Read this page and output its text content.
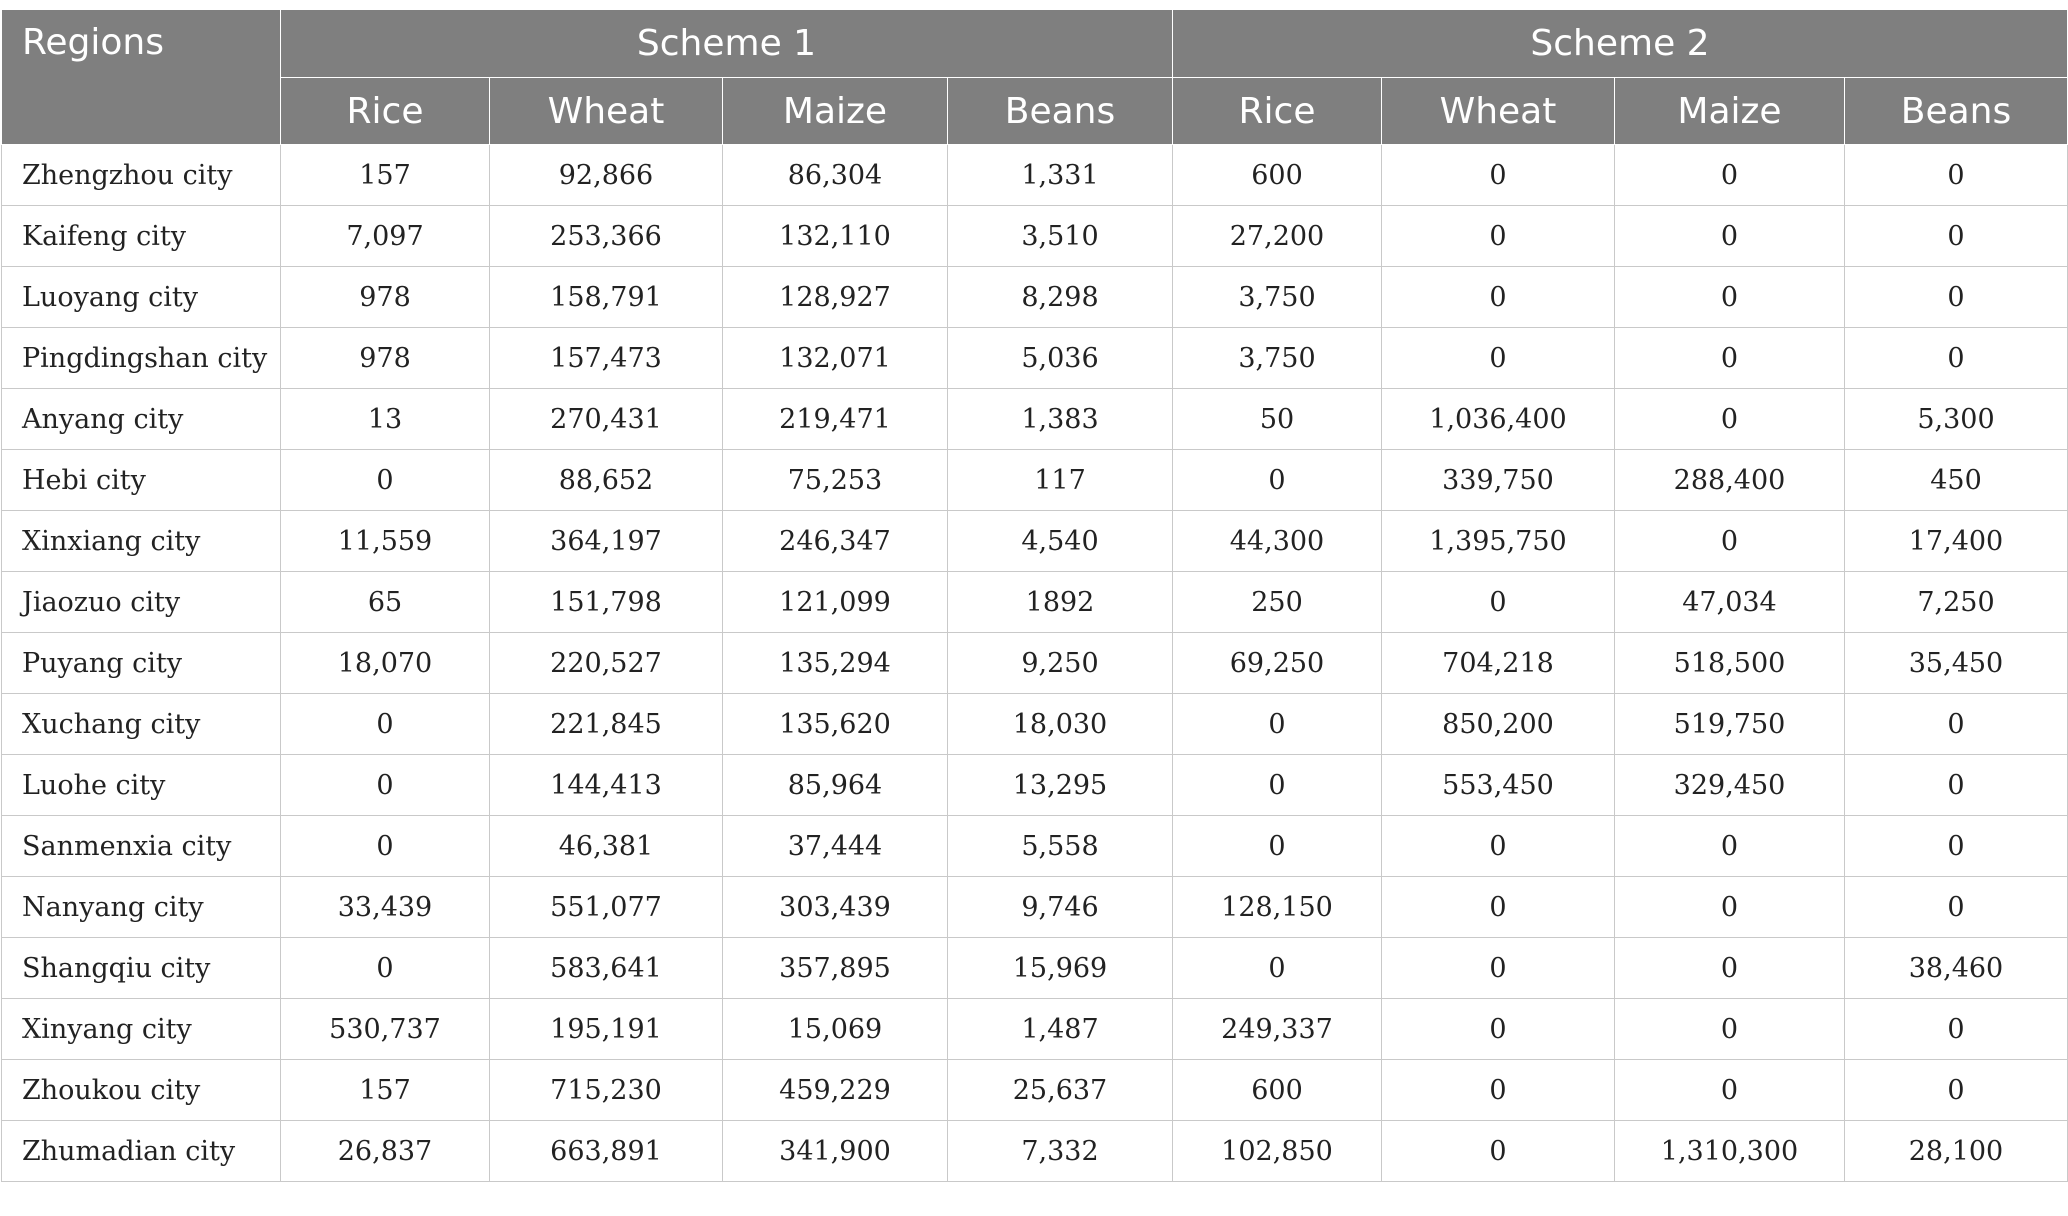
Regions	Scheme 1				Scheme 2			
	Rice	Wheat	Maize	Beans	Rice	Wheat	Maize	Beans
Zhengzhou city	157	92,866	86,304	1,331	600	0	0	0
Kaifeng city	7,097	253,366	132,110	3,510	27,200	0	0	0
Luoyang city	978	158,791	128,927	8,298	3,750	0	0	0
Pingdingshan city	978	157,473	132,071	5,036	3,750	0	0	0
Anyang city	13	270,431	219,471	1,383	50	1,036,400	0	5,300
Hebi city	0	88,652	75,253	117	0	339,750	288,400	450
Xinxiang city	11,559	364,197	246,347	4,540	44,300	1,395,750	0	17,400
Jiaozuo city	65	151,798	121,099	1892	250	0	47,034	7,250
Puyang city	18,070	220,527	135,294	9,250	69,250	704,218	518,500	35,450
Xuchang city	0	221,845	135,620	18,030	0	850,200	519,750	0
Luohe city	0	144,413	85,964	13,295	0	553,450	329,450	0
Sanmenxia city	0	46,381	37,444	5,558	0	0	0	0
Nanyang city	33,439	551,077	303,439	9,746	128,150	0	0	0
Shangqiu city	0	583,641	357,895	15,969	0	0	0	38,460
Xinyang city	530,737	195,191	15,069	1,487	249,337	0	0	0
Zhoukou city	157	715,230	459,229	25,637	600	0	0	0
Zhumadian city	26,837	663,891	341,900	7,332	102,850	0	1,310,300	28,100
